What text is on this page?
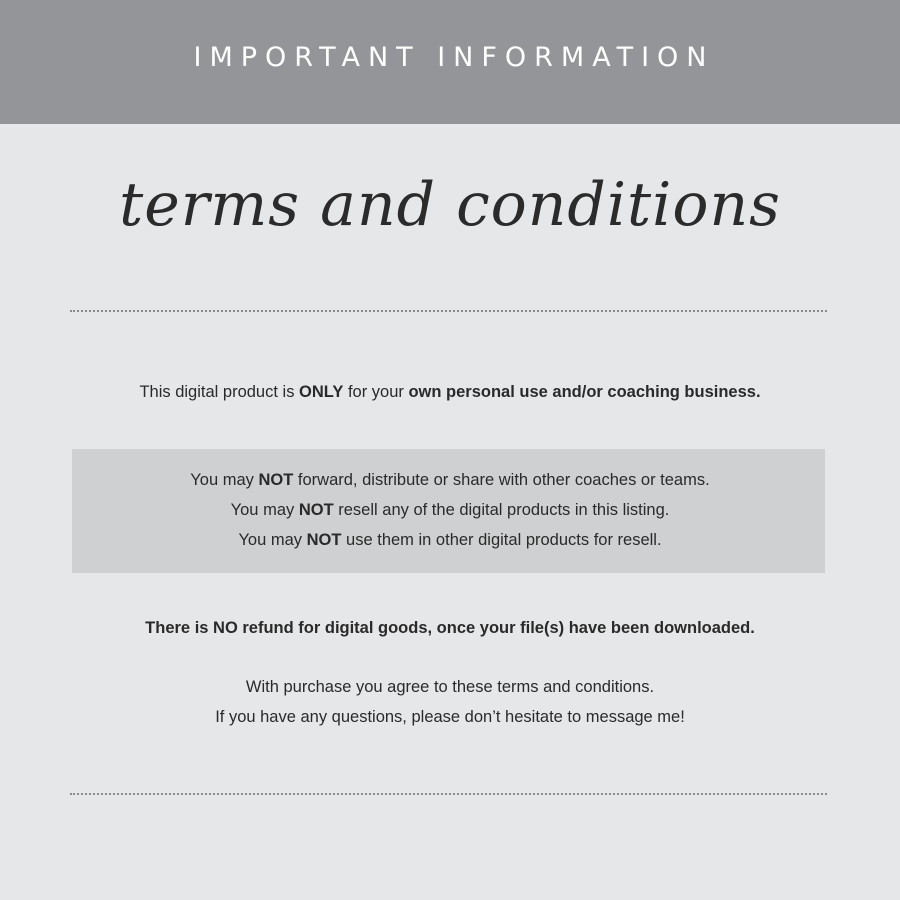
IMPORTANT INFORMATION
terms and conditions
This digital product is ONLY for your own personal use and/or coaching business.
You may NOT forward, distribute or share with other coaches or teams.
You may NOT resell any of the digital products in this listing.
You may NOT use them in other digital products for resell.
There is NO refund for digital goods, once your file(s) have been downloaded.
With purchase you agree to these terms and conditions.
If you have any questions, please don’t hesitate to message me!
